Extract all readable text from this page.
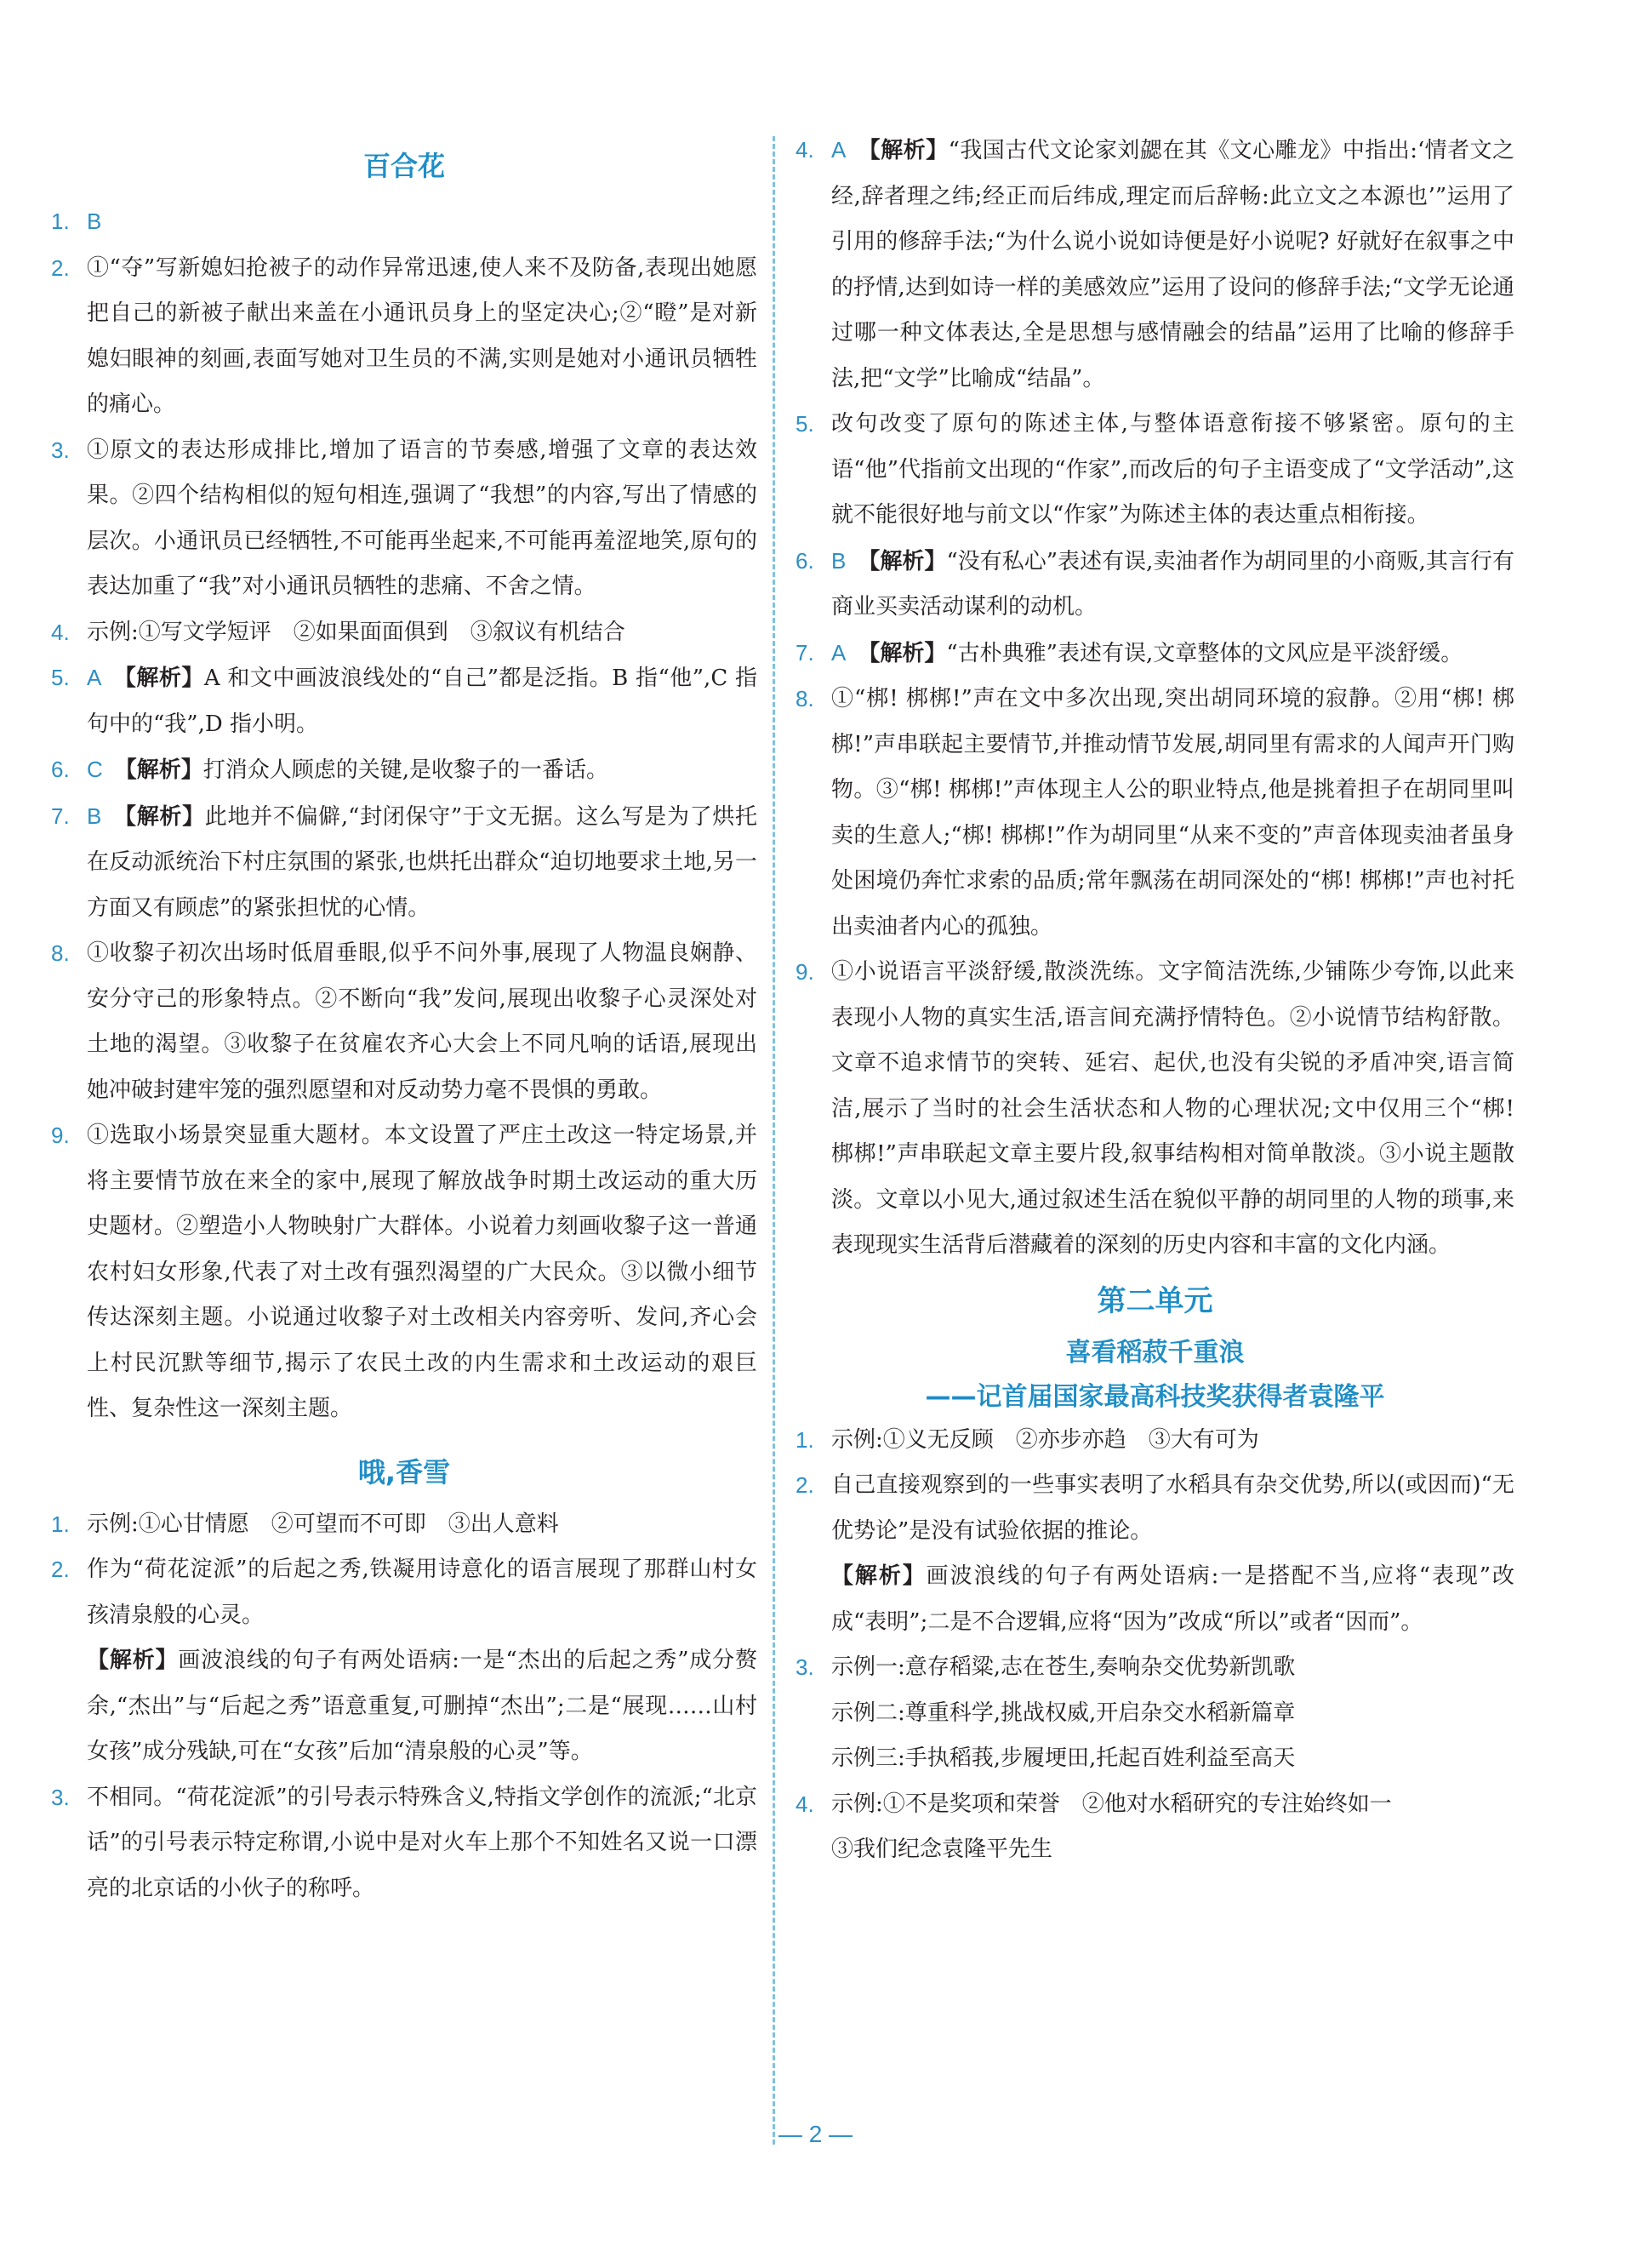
百合花
1. B
2. ①“夺”写新媳妇抢被子的动作异常迅速,使人来不及防备,表现出她愿把自己的新被子献出来盖在小通讯员身上的坚定决心;②“瞪”是对新媳妇眼神的刻画,表面写她对卫生员的不满,实则是她对小通讯员牺牲的痛心。
3. ①原文的表达形成排比,增加了语言的节奏感,增强了文章的表达效果。②四个结构相似的短句相连,强调了“我想”的内容,写出了情感的层次。小通讯员已经牺牲,不可能再坐起来,不可能再羞涩地笑,原句的表达加重了“我”对小通讯员牺牲的悲痛、不舍之情。
4. 示例:①写文学短评　②如果面面俱到　③叙议有机结合
5. A 【解析】A 和文中画波浪线处的“自己”都是泛指。B 指“他”,C 指句中的“我”,D 指小明。
6. C 【解析】打消众人顾虑的关键,是收黎子的一番话。
7. B 【解析】此地并不偏僻,“封闭保守”于文无据。这么写是为了烘托在反动派统治下村庄氛围的紧张,也烘托出群众“迫切地要求土地,另一方面又有顾虑”的紧张担忧的心情。
8. ①收黎子初次出场时低眉垂眼,似乎不问外事,展现了人物温良娴静、安分守己的形象特点。②不断向“我”发问,展现出收黎子心灵深处对土地的渴望。③收黎子在贫雇农齐心大会上不同凡响的话语,展现出她冲破封建牢笼的强烈愿望和对反动势力毫不畏惧的勇敢。
9. ①选取小场景突显重大题材。本文设置了严庄土改这一特定场景,并将主要情节放在来全的家中,展现了解放战争时期土改运动的重大历史题材。②塑造小人物映射广大群体。小说着力刻画收黎子这一普通农村妇女形象,代表了对土改有强烈渴望的广大民众。③以微小细节传达深刻主题。小说通过收黎子对土改相关内容旁听、发问,齐心会上村民沉默等细节,揭示了农民土改的内生需求和土改运动的艰巨性、复杂性这一深刻主题。
哦,香雪
1. 示例:①心甘情愿　②可望而不可即　③出人意料
2. 作为“荷花淀派”的后起之秀,铁凝用诗意化的语言展现了那群山村女孩清泉般的心灵。
【解析】画波浪线的句子有两处语病:一是“杰出的后起之秀”成分赘余,“杰出”与“后起之秀”语意重复,可删掉“杰出”;二是“展现……山村女孩”成分残缺,可在“女孩”后加“清泉般的心灵”等。
3. 不相同。“荷花淀派”的引号表示特殊含义,特指文学创作的流派;“北京话”的引号表示特定称谓,小说中是对火车上那个不知姓名又说一口漂亮的北京话的小伙子的称呼。
4. A 【解析】“我国古代文论家刘勰在其《文心雕龙》中指出:‘情者文之经,辞者理之纬;经正而后纬成,理定而后辞畅:此立文之本源也’”运用了引用的修辞手法;“为什么说小说如诗便是好小说呢? 好就好在叙事之中的抒情,达到如诗一样的美感效应”运用了设问的修辞手法;“文学无论通过哪一种文体表达,全是思想与感情融会的结晶”运用了比喻的修辞手法,把“文学”比喻成“结晶”。
5. 改句改变了原句的陈述主体,与整体语意衔接不够紧密。原句的主语“他”代指前文出现的“作家”,而改后的句子主语变成了“文学活动”,这就不能很好地与前文以“作家”为陈述主体的表达重点相衔接。
6. B 【解析】“没有私心”表述有误,卖油者作为胡同里的小商贩,其言行有商业买卖活动谋利的动机。
7. A 【解析】“古朴典雅”表述有误,文章整体的文风应是平淡舒缓。
8. ①“梆! 梆梆!”声在文中多次出现,突出胡同环境的寂静。②用“梆! 梆梆!”声串联起主要情节,并推动情节发展,胡同里有需求的人闻声开门购物。③“梆! 梆梆!”声体现主人公的职业特点,他是挑着担子在胡同里叫卖的生意人;“梆! 梆梆!”作为胡同里“从来不变的”声音体现卖油者虽身处困境仍奔忙求索的品质;常年飘荡在胡同深处的“梆! 梆梆!”声也衬托出卖油者内心的孤独。
9. ①小说语言平淡舒缓,散淡洗练。文字简洁洗练,少铺陈少夸饰,以此来表现小人物的真实生活,语言间充满抒情特色。②小说情节结构舒散。文章不追求情节的突转、延宕、起伏,也没有尖锐的矛盾冲突,语言简洁,展示了当时的社会生活状态和人物的心理状况;文中仅用三个“梆! 梆梆!”声串联起文章主要片段,叙事结构相对简单散淡。③小说主题散淡。文章以小见大,通过叙述生活在貌似平静的胡同里的人物的琐事,来表现现实生活背后潜藏着的深刻的历史内容和丰富的文化内涵。
第二单元
喜看稻菽千重浪
——记首届国家最高科技奖获得者袁隆平
1. 示例:①义无反顾　②亦步亦趋　③大有可为
2. 自己直接观察到的一些事实表明了水稻具有杂交优势,所以(或因而)“无优势论”是没有试验依据的推论。
【解析】画波浪线的句子有两处语病:一是搭配不当,应将“表现”改成“表明”;二是不合逻辑,应将“因为”改成“所以”或者“因而”。
3. 示例一:意存稻粱,志在苍生,奏响杂交优势新凯歌
示例二:尊重科学,挑战权威,开启杂交水稻新篇章
示例三:手执稻莪,步履埂田,托起百姓利益至高天
4. 示例:①不是奖项和荣誉　②他对水稻研究的专注始终如一
③我们纪念袁隆平先生
— 2 —
